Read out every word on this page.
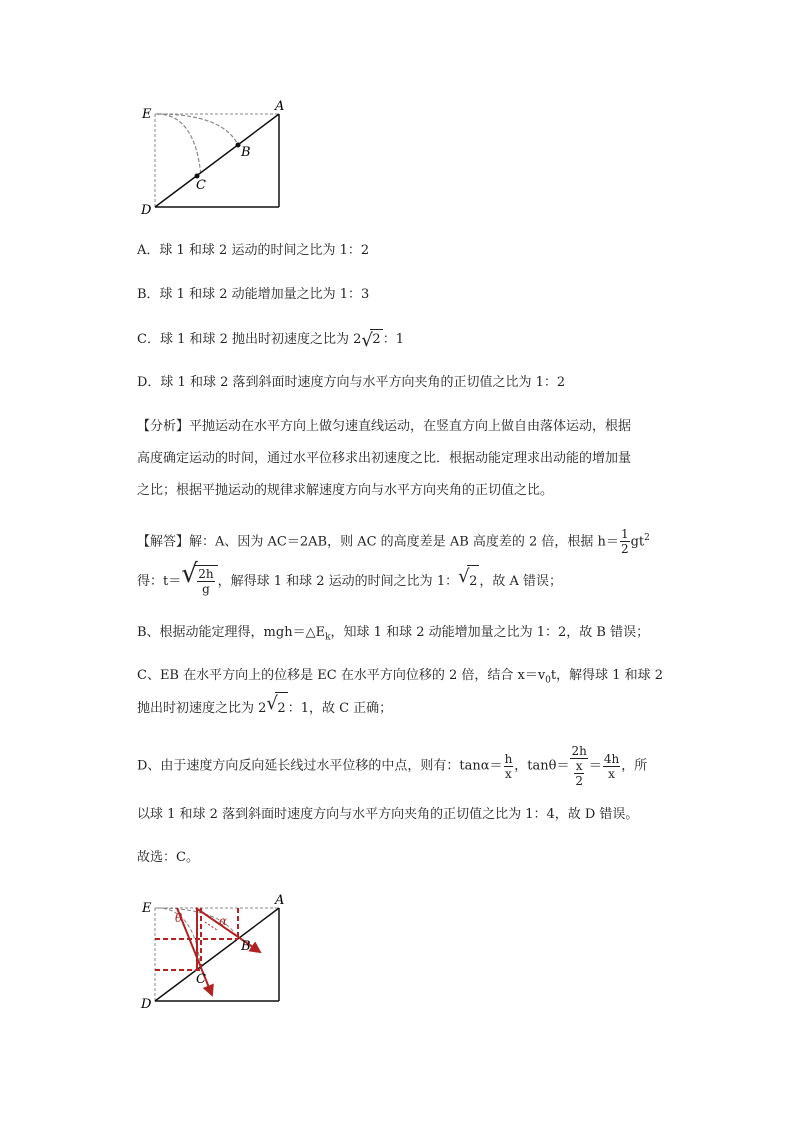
E
A
B
C
D
A．球 1 和球 2 运动的时间之比为 1：2
B．球 1 和球 2 动能增加量之比为 1：3
C．球 1 和球 2 抛出时初速度之比为 2 √ 2 ：1
D．球 1 和球 2 落到斜面时速度方向与水平方向夹角的正切值之比为 1：2
【分析】平抛运动在水平方向上做匀速直线运动，在竖直方向上做自由落体运动，根据
高度确定运动的时间，通过水平位移求出初速度之比．根据动能定理求出动能的增加量
之比；根据平抛运动的规律求解速度方向与水平方向夹角的正切值之比。
【解答】解：A、因为 AC＝2AB，则 AC 的高度差是 AB 高度差的 2 倍，根据 $h= \frac{1}{2} gt^2$
得：t＝ √ $\frac{2h}{g}$ ，解得球 1 和球 2 运动的时间之比为 1： √ 2 ，故 A 错误；
B、根据动能定理得，$mgh=\triangle E_k$，知球 1 和球 2 动能增加量之比为 1：2，故 B 错误；
C、EB 在水平方向上的位移是 EC 在水平方向位移的 2 倍，结合 $x=v_0t$，解得球 1 和球 2
抛出时初速度之比为 2 √ 2 ：1，故 C 正确；
D、由于速度方向反向延长线过水平位移的中点，则有：$\tan\alpha= \frac{h}{x}$ ，$\tan\theta= \frac{2h}{\frac{x}{2}} = \frac{4h}{x}$ ，所
以球 1 和球 2 落到斜面时速度方向与水平方向夹角的正切值之比为 1：4，故 D 错误。
故选：C。
E
A
B
C
D
θ	α
